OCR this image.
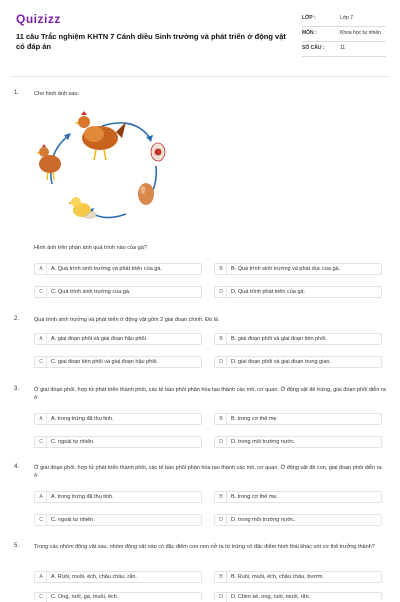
Quizizz
11 câu Trắc nghiệm KHTN 7 Cánh diều Sinh trưởng và phát triển ở động vật có đáp án
LỚP :	Lớp 7
MÔN :	Khoa học tự nhiên
SỐ CÂU :	11
1.	Cho hình ảnh sau:
Hình ảnh trên phản ánh quá trình nào của gà?
A	A. Quá trình sinh trưởng và phát triển của gà.	B	B. Quá trình sinh trưởng và phát dục của gà.
C	C. Quá trình sinh trưởng của gà.	D	D. Quá trình phát triển của gà.
2.	Quá trình sinh trưởng và phát triển ở động vật gồm 2 giai đoạn chính. Đó là
A	A. giai đoạn phôi và giai đoạn hậu phôi.	B	B. giai đoạn phôi và giai đoạn tiền phôi.
C	C. giai đoạn tiền phôi và giai đoạn hậu phôi.	D	D. giai đoạn phôi và giai đoạn trung gian.
3.	Ở giai đoạn phôi, hợp tử phát triển thành phôi, các tế bào phôi phân hóa tạo thành các mô, cơ quan. Ở động vật đẻ trứng, giai đoạn phôi diễn ra ở
A	A. trong trứng đã thụ tinh.	B	B. trong cơ thể mẹ.
C	C. ngoài tự nhiên.	D	D. trong môi trường nước.
4.	Ở giai đoạn phôi, hợp tử phát triển thành phôi, các tế bào phôi phân hóa tạo thành các mô, cơ quan. Ở động vật đẻ con, giai đoạn phôi diễn ra ở
A	A. trong trứng đã thụ tinh.	B	B. trong cơ thể mẹ.
C	C. ngoài tự nhiên.	D	D. trong môi trường nước.
5.	Trong các nhóm động vật sau, nhóm động vật nào có đặc điểm con non nở ra từ trứng có đặc điểm hình thái khác với cơ thể trưởng thành?
A	A. Ruồi, muỗi, ếch, châu chấu, rắn.	B	B. Ruồi, muỗi, ếch, châu chấu, bướm.
C	C. Ong, ruồi, gà, muỗi, ếch.	D	D. Chim sẻ, ong, ruồi, muỗi, rắn.
